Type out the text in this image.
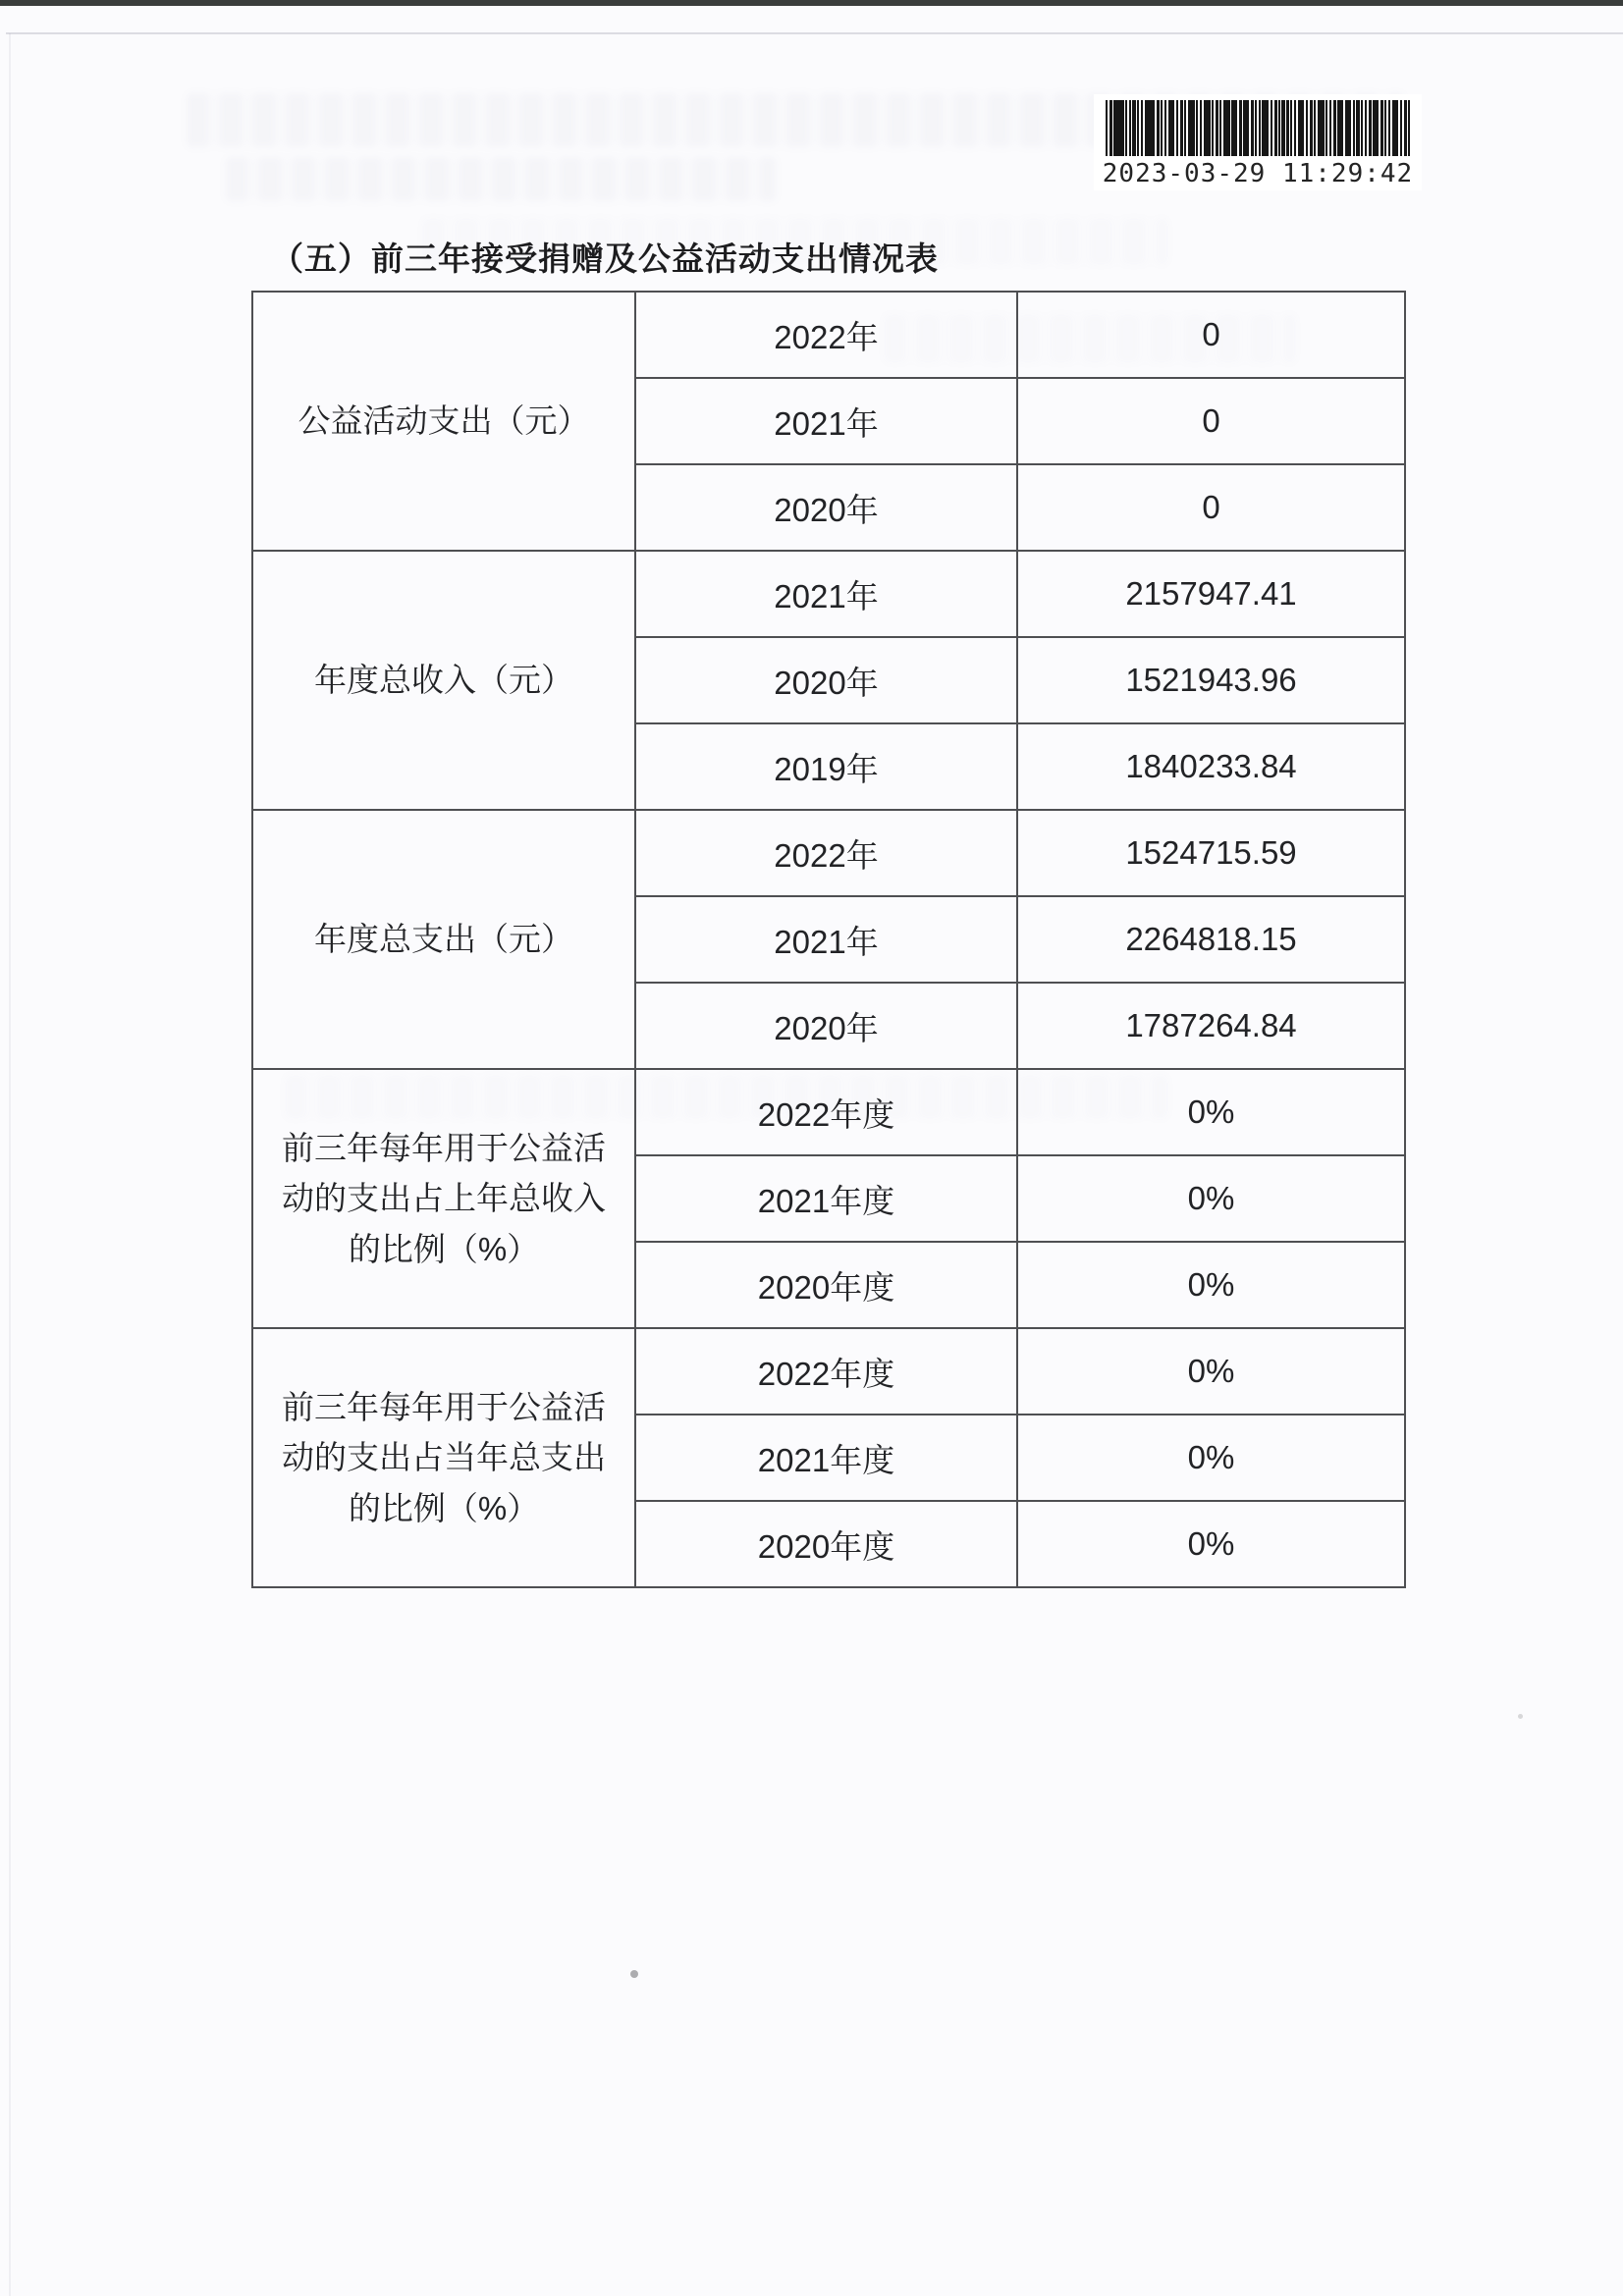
2023-03-29 11:29:42
（五）前三年接受捐赠及公益活动支出情况表
公益活动支出（元）	2022年	0
	2021年	0
	2020年	0
年度总收入（元）	2021年	2157947.41
	2020年	1521943.96
	2019年	1840233.84
年度总支出（元）	2022年	1524715.59
	2021年	2264818.15
	2020年	1787264.84
前三年每年用于公益活动的支出占上年总收入的比例（%）	2022年度	0%
	2021年度	0%
	2020年度	0%
前三年每年用于公益活动的支出占当年总支出的比例（%）	2022年度	0%
	2021年度	0%
	2020年度	0%
